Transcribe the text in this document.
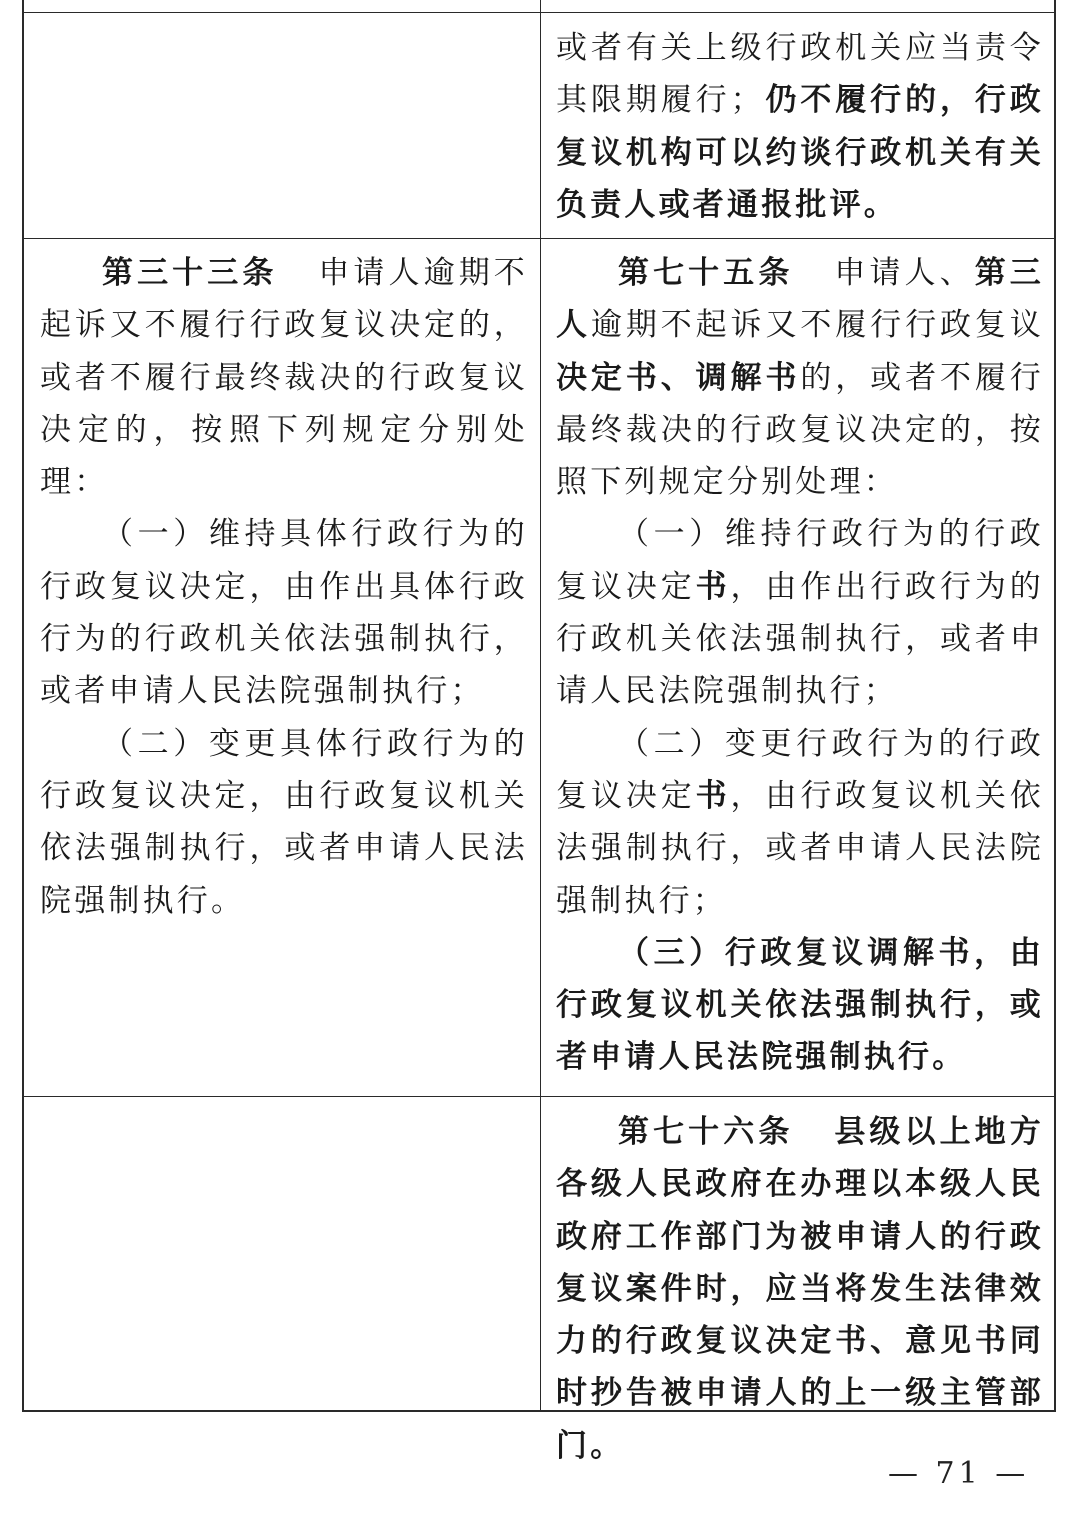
或者有关上级行政机关应当责令其限期履行；仍不履行的，行政复议机构可以约谈行政机关有关负责人或者通报批评。

第三十三条 申请人逾期不起诉又不履行行政复议决定的，或者不履行最终裁决的行政复议决定的，按照下列规定分别处理：

（一）维持具体行政行为的行政复议决定，由作出具体行政行为的行政机关依法强制执行，或者申请人民法院强制执行；

（二）变更具体行政行为的行政复议决定，由行政复议机关依法强制执行，或者申请人民法院强制执行。

第七十五条 申请人、第三人逾期不起诉又不履行行政复议决定书、调解书的，或者不履行最终裁决的行政复议决定的，按照下列规定分别处理：

（一）维持行政行为的行政复议决定书，由作出行政行为的行政机关依法强制执行，或者申请人民法院强制执行；

（二）变更行政行为的行政复议决定书，由行政复议机关依法强制执行，或者申请人民法院强制执行；

（三）行政复议调解书，由行政复议机关依法强制执行，或者申请人民法院强制执行。

第七十六条 县级以上地方各级人民政府在办理以本级人民政府工作部门为被申请人的行政复议案件时，应当将发生法律效力的行政复议决定书、意见书同时抄告被申请人的上一级主管部门。

— 71 —
